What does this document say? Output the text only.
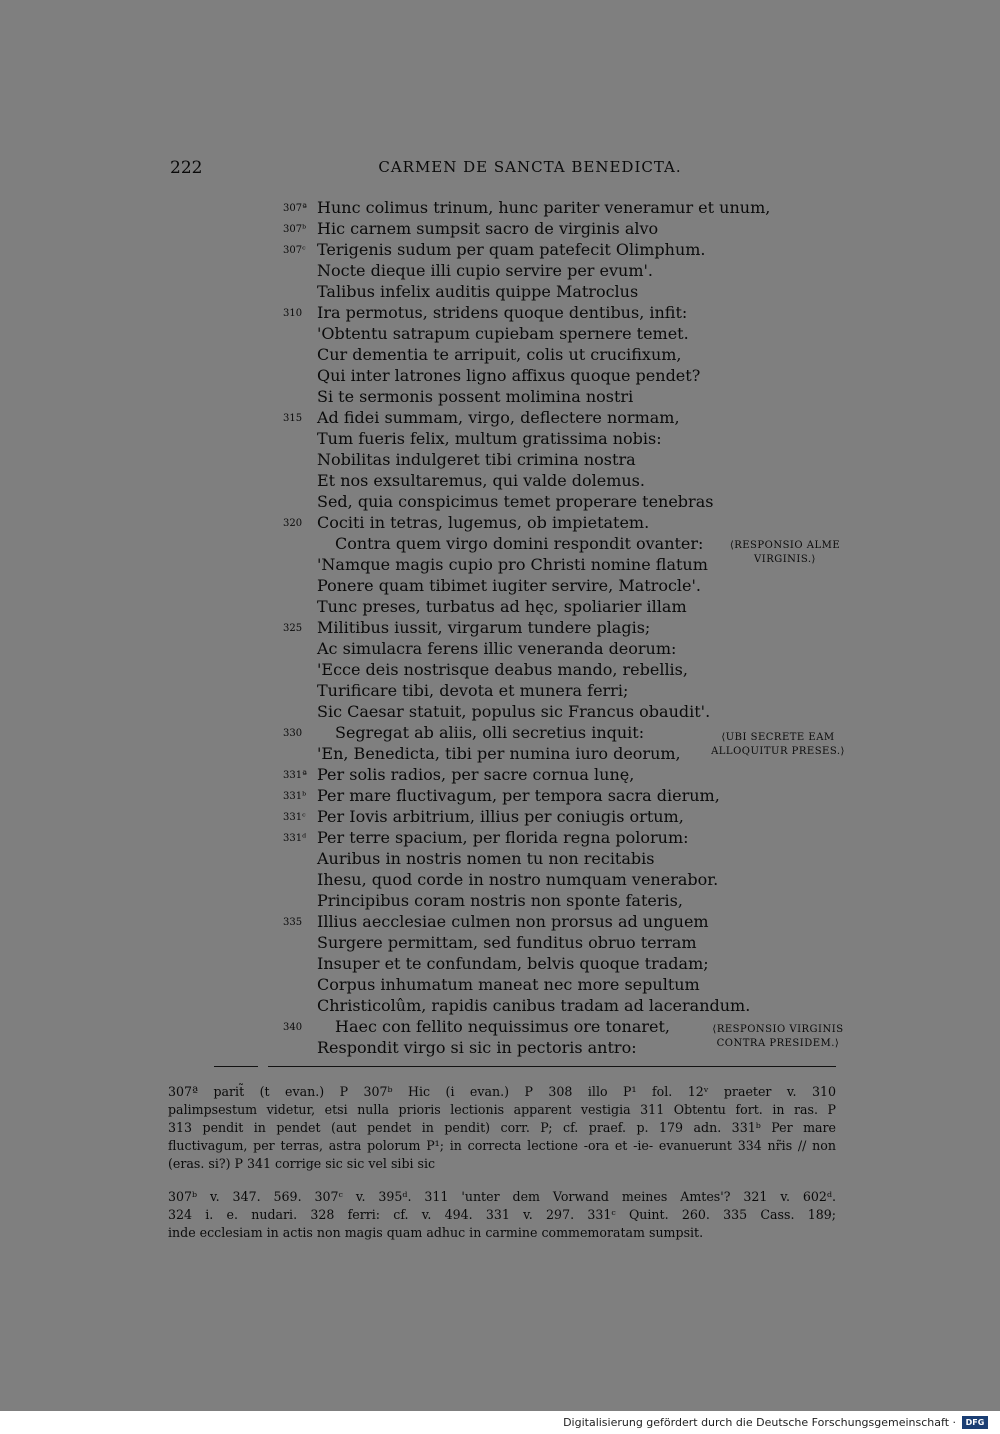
222	CARMEN DE SANCTA BENEDICTA.
307ª Hunc colimus trinum, hunc pariter veneramur et unum,
307ᵇ Hic carnem sumpsit sacro de virginis alvo
307ᶜ Terigenis sudum per quam patefecit Olimphum.
Nocte dieque illi cupio servire per evum'.
Talibus infelix auditis quippe Matroclus
310 Ira permotus, stridens quoque dentibus, infit:
'Obtentu satrapum cupiebam spernere temet.
Cur dementia te arripuit, colis ut crucifixum,
Qui inter latrones ligno affixus quoque pendet?
Si te sermonis possent molimina nostri
315 Ad fidei summam, virgo, deflectere normam,
Tum fueris felix, multum gratissima nobis:
Nobilitas indulgeret tibi crimina nostra
Et nos exsultaremus, qui valde dolemus.
Sed, quia conspicimus temet properare tenebras
320 Cociti in tetras, lugemus, ob impietatem.
Contra quem virgo domini respondit ovanter:
'Namque magis cupio pro Christi nomine flatum
Ponere quam tibimet iugiter servire, Matrocle'.
Tunc preses, turbatus ad hęc, spoliarier illam
325 Militibus iussit, virgarum tundere plagis;
Ac simulacra ferens illic veneranda deorum:
'Ecce deis nostrisque deabus mando, rebellis,
Turificare tibi, devota et munera ferri;
Sic Caesar statuit, populus sic Francus obaudit'.
330 Segregat ab aliis, olli secretius inquit:
'En, Benedicta, tibi per numina iuro deorum,
331ª Per solis radios, per sacre cornua lunę,
331ᵇ Per mare fluctivagum, per tempora sacra dierum,
331ᶜ Per Iovis arbitrium, illius per coniugis ortum,
331ᵈ Per terre spacium, per florida regna polorum:
Auribus in nostris nomen tu non recitabis
Ihesu, quod corde in nostro numquam venerabor.
Principibus coram nostris non sponte fateris,
335 Illius aecclesiae culmen non prorsus ad unguem
Surgere permittam, sed funditus obruo terram
Insuper et te confundam, belvis quoque tradam;
Corpus inhumatum maneat nec more sepultum
Christicolûm, rapidis canibus tradam ad lacerandum.
340 Haec con fellito nequissimus ore tonaret,
Respondit virgo si sic in pectoris antro:
⟨RESPONSIO ALME
VIRGINIS.⟩
⟨UBI SECRETE EAM
ALLOQUITUR PRESES.⟩
⟨RESPONSIO VIRGINIS
CONTRA PRESIDEM.⟩

307ª parit̃ (t evan.) P 307ᵇ Hic (i evan.) P 308 illo P¹ fol. 12ᵛ praeter v. 310

palimpsestum videtur, etsi nulla prioris lectionis apparent vestigia 311 Obtentu fort. in ras. P

313 pendit in pendet (aut pendet in pendit) corr. P; cf. praef. p. 179 adn. 331ᵇ Per mare

fluctivagum, per terras, astra polorum P¹; in correcta lectione -ora et -ie- evanuerunt 334 nr̃is // non

(eras. si?) P 341 corrige sic sic vel sibi sic

307ᵇ v. 347. 569. 307ᶜ v. 395ᵈ. 311 'unter dem Vorwand meines Amtes'? 321 v. 602ᵈ.

324 i. e. nudari. 328 ferri: cf. v. 494. 331 v. 297. 331ᶜ Quint. 260. 335 Cass. 189;

inde ecclesiam in actis non magis quam adhuc in carmine commemoratam sumpsit.

Digitalisierung gefördert durch die Deutsche Forschungsgemeinschaft ·	DFG
